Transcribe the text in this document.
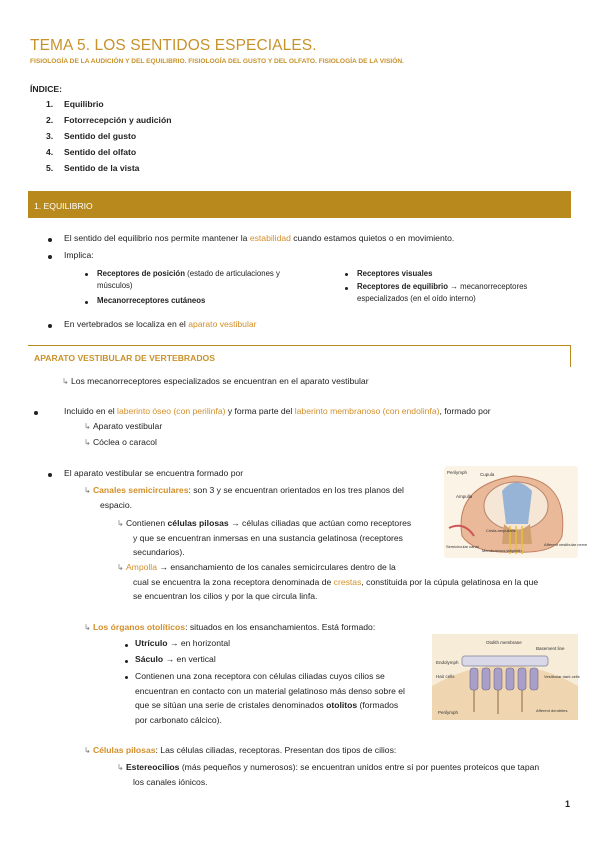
TEMA 5. LOS SENTIDOS ESPECIALES.
FISIOLOGÍA DE LA AUDICIÓN Y DEL EQUILIBRIO. FISIOLOGÍA DEL GUSTO Y DEL OLFATO. FISIOLOGÍA DE LA VISIÓN.
ÍNDICE:
1. Equilibrio
2. Fotorrecepción y audición
3. Sentido del gusto
4. Sentido del olfato
5. Sentido de la vista
1. EQUILIBRIO
El sentido del equilibrio nos permite mantener la estabilidad cuando estamos quietos o en movimiento.
Implica:
Receptores de posición (estado de articulaciones y
músculos)
Mecanorreceptores cutáneos
Receptores visuales
Receptores de equilibrio → mecanorreceptores
especializados (en el oído interno)
En vertebrados se localiza en el aparato vestibular
APARATO VESTIBULAR DE VERTEBRADOS
↳ Los mecanorreceptores especializados se encuentran en el aparato vestibular
Incluido en el laberinto óseo (con perilinfa) y forma parte del laberinto membranoso (con endolinfa), formado por
↳ Aparato vestibular
↳ Cóclea o caracol
El aparato vestibular se encuentra formado por
↳ Canales semicirculares: son 3 y se encuentran orientados en los tres planos del
espacio.
↳ Contienen células pilosas → células ciliadas que actúan como receptores
y que se encuentran inmersas en una sustancia gelatinosa (receptores
secundarios).
↳ Ampolla → ensanchamiento de los canales semicirculares dentro de la
cual se encuentra la zona receptora denominada de crestas, constituida por la cúpula gelatinosa en la que
se encuentran los cilios y por la que circula linfa.
↳ Los órganos otolíticos: situados en los ensanchamientos. Está formado:
Utrículo → en horizontal
Sáculo → en vertical
Contienen una zona receptora con células ciliadas cuyos cilios se
encuentran en contacto con un material gelatinoso más denso sobre el
que se sitúan una serie de cristales denominados otolitos (formados
por carbonato cálcico).
↳ Células pilosas: Las células ciliadas, receptoras. Presentan dos tipos de cilios:
↳ Estereocilios (más pequeños y numerosos): se encuentran unidos entre sí por puentes proteicos que tapan
los canales iónicos.
Perilymph	Cupula
Ampulla
Crista ampullaris
Semicircular canal
Membranous labyrinth
Afferent vestibular nerve
Otolith membrane
Basement line
Endolymph
Hair cells	Vestibular dark cells
Perilymph	Afferent dendrites
1
